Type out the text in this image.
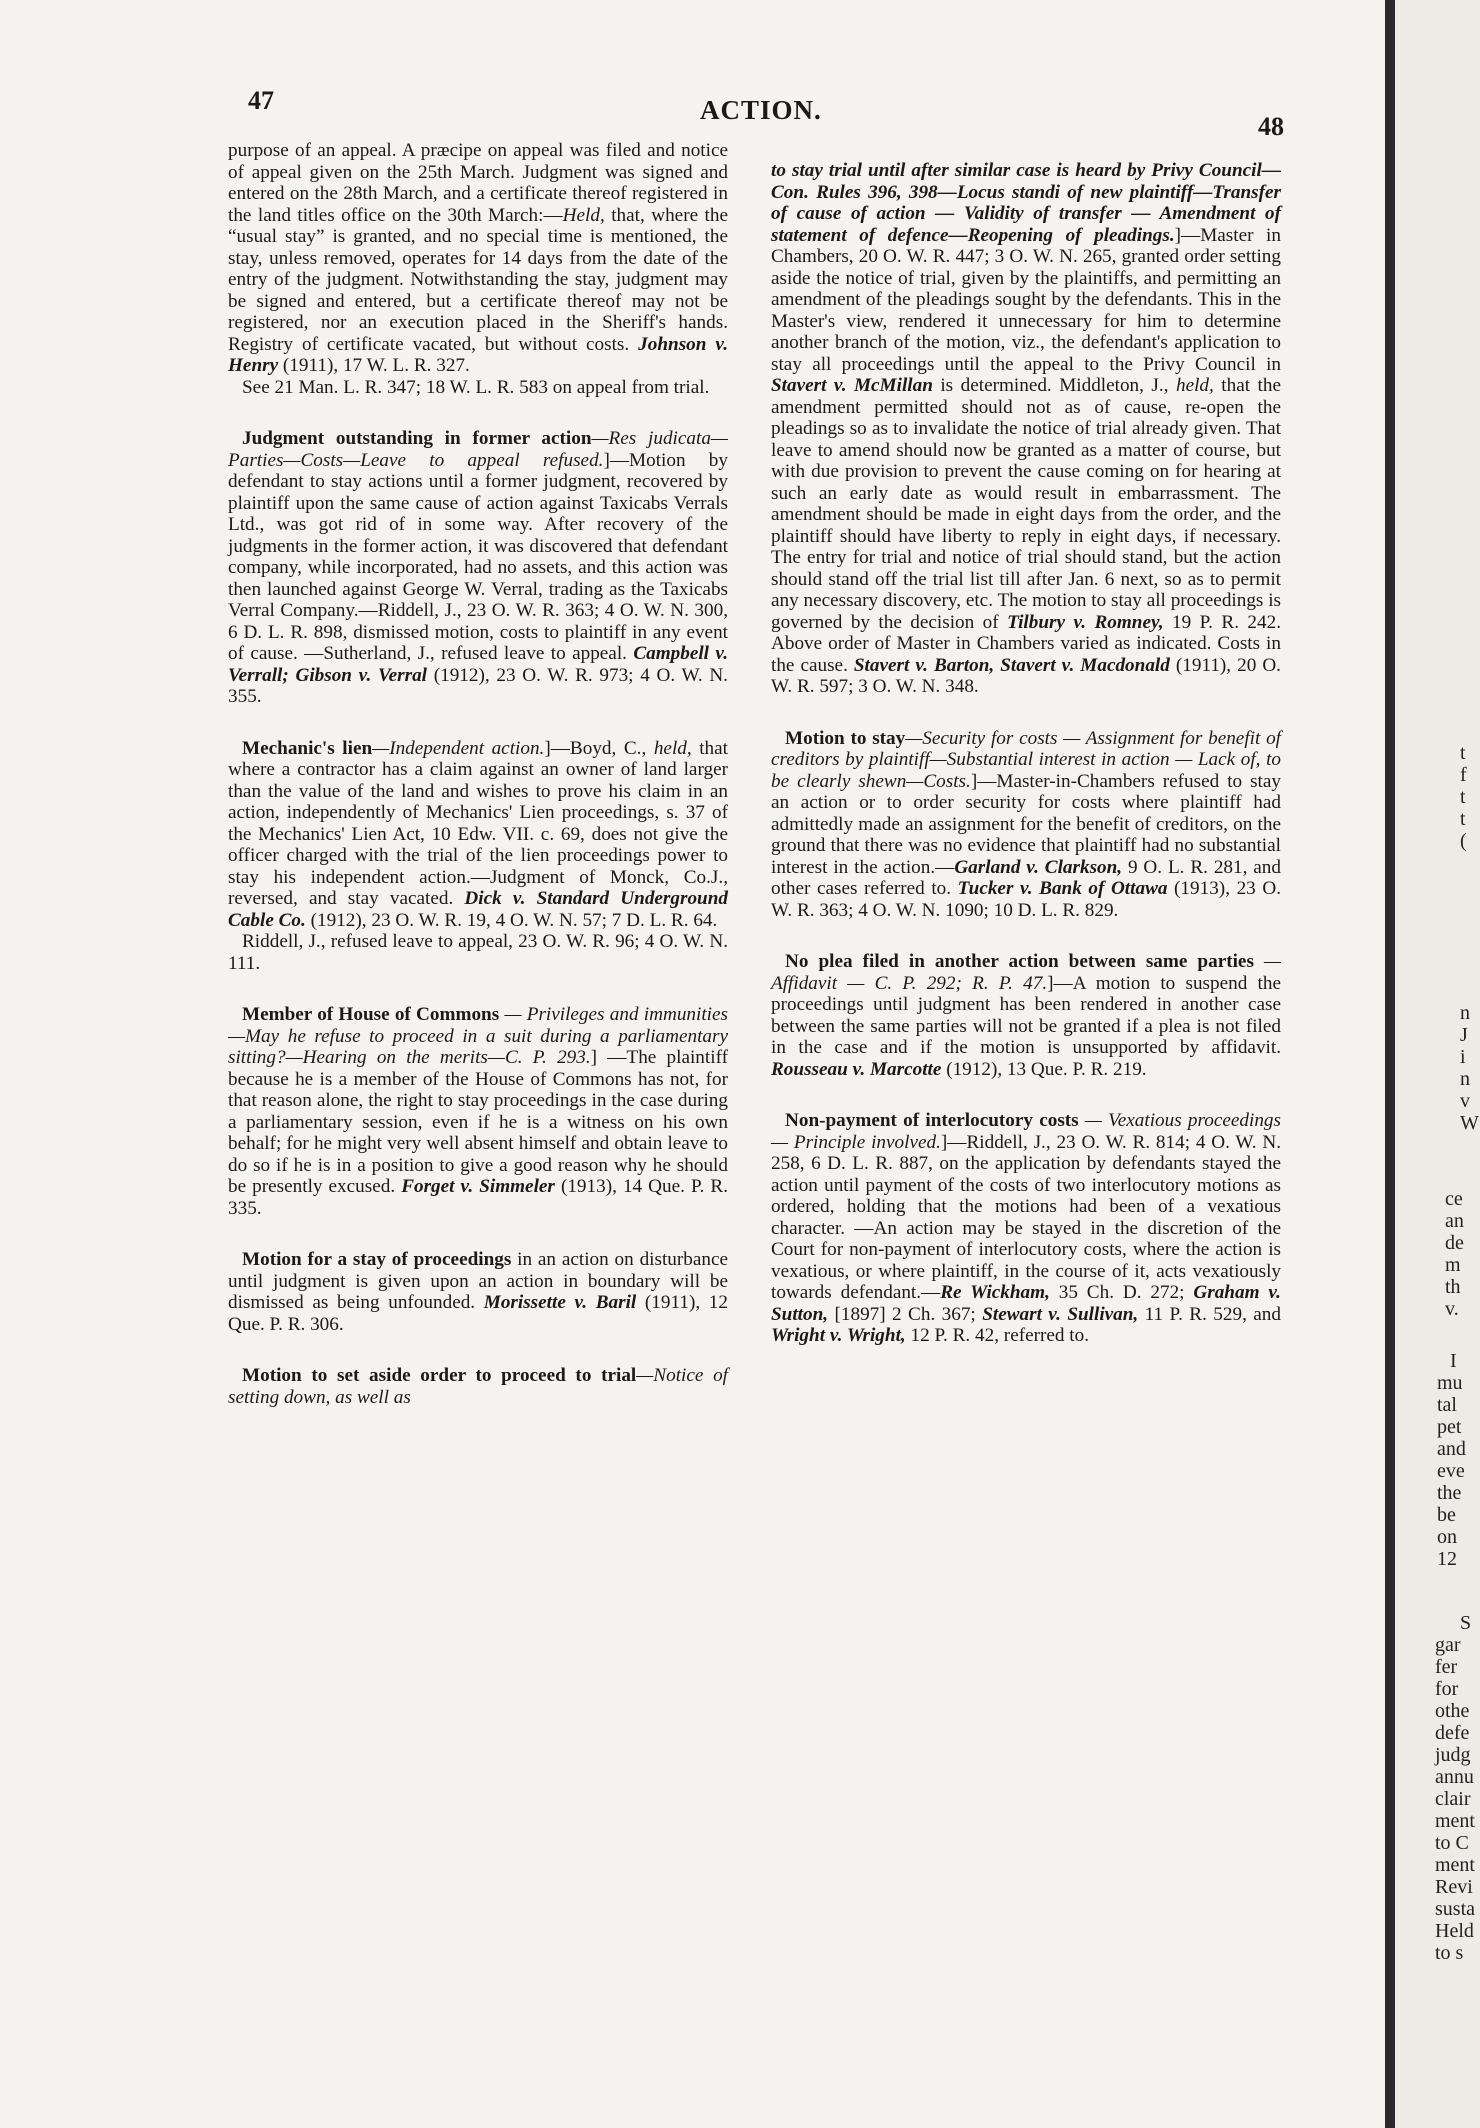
47	ACTION.
48

purpose of an appeal. A præcipe on appeal was filed and notice of appeal given on the 25th March. Judgment was signed and entered on the 28th March, and a certificate thereof registered in the land titles office on the 30th March:—Held, that, where the “usual stay” is granted, and no special time is mentioned, the stay, unless removed, operates for 14 days from the date of the entry of the judgment. Notwithstanding the stay, judgment may be signed and entered, but a certificate thereof may not be registered, nor an execution placed in the Sheriff's hands. Registry of certificate vacated, but without costs. Johnson v. Henry (1911), 17 W. L. R. 327.

See 21 Man. L. R. 347; 18 W. L. R. 583 on appeal from trial.

Judgment outstanding in former action—Res judicata—Parties—Costs—Leave to appeal refused.]—Motion by defendant to stay actions until a former judgment, recovered by plaintiff upon the same cause of action against Taxicabs Verrals Ltd., was got rid of in some way. After recovery of the judgments in the former action, it was discovered that defendant company, while incorporated, had no assets, and this action was then launched against George W. Verral, trading as the Taxicabs Verral Company.—Riddell, J., 23 O. W. R. 363; 4 O. W. N. 300, 6 D. L. R. 898, dismissed motion, costs to plaintiff in any event of cause. —Sutherland, J., refused leave to appeal. Campbell v. Verrall; Gibson v. Verral (1912), 23 O. W. R. 973; 4 O. W. N. 355.

Mechanic's lien—Independent action.]—Boyd, C., held, that where a contractor has a claim against an owner of land larger than the value of the land and wishes to prove his claim in an action, independently of Mechanics' Lien proceedings, s. 37 of the Mechanics' Lien Act, 10 Edw. VII. c. 69, does not give the officer charged with the trial of the lien proceedings power to stay his independent action.—Judgment of Monck, Co.J., reversed, and stay vacated. Dick v. Standard Underground Cable Co. (1912), 23 O. W. R. 19, 4 O. W. N. 57; 7 D. L. R. 64.

Riddell, J., refused leave to appeal, 23 O. W. R. 96; 4 O. W. N. 111.

Member of House of Commons — Privileges and immunities—May he refuse to proceed in a suit during a parliamentary sitting?—Hearing on the merits—C. P. 293.] —The plaintiff because he is a member of the House of Commons has not, for that reason alone, the right to stay proceedings in the case during a parliamentary session, even if he is a witness on his own behalf; for he might very well absent himself and obtain leave to do so if he is in a position to give a good reason why he should be presently excused. Forget v. Simmeler (1913), 14 Que. P. R. 335.

Motion for a stay of proceedings in an action on disturbance until judgment is given upon an action in boundary will be dismissed as being unfounded. Morissette v. Baril (1911), 12 Que. P. R. 306.

Motion to set aside order to proceed to trial—Notice of setting down, as well as

to stay trial until after similar case is heard by Privy Council—Con. Rules 396, 398—Locus standi of new plaintiff—Transfer of cause of action — Validity of transfer — Amendment of statement of defence—Reopening of pleadings.]—Master in Chambers, 20 O. W. R. 447; 3 O. W. N. 265, granted order setting aside the notice of trial, given by the plaintiffs, and permitting an amendment of the pleadings sought by the defendants. This in the Master's view, rendered it unnecessary for him to determine another branch of the motion, viz., the defendant's application to stay all proceedings until the appeal to the Privy Council in Stavert v. McMillan is determined. Middleton, J., held, that the amendment permitted should not as of cause, re-open the pleadings so as to invalidate the notice of trial already given. That leave to amend should now be granted as a matter of course, but with due provision to prevent the cause coming on for hearing at such an early date as would result in embarrassment. The amendment should be made in eight days from the order, and the plaintiff should have liberty to reply in eight days, if necessary. The entry for trial and notice of trial should stand, but the action should stand off the trial list till after Jan. 6 next, so as to permit any necessary discovery, etc. The motion to stay all proceedings is governed by the decision of Tilbury v. Romney, 19 P. R. 242. Above order of Master in Chambers varied as indicated. Costs in the cause. Stavert v. Barton, Stavert v. Macdonald (1911), 20 O. W. R. 597; 3 O. W. N. 348.

Motion to stay—Security for costs — Assignment for benefit of creditors by plaintiff—Substantial interest in action — Lack of, to be clearly shewn—Costs.]—Master-in-Chambers refused to stay an action or to order security for costs where plaintiff had admittedly made an assignment for the benefit of creditors, on the ground that there was no evidence that plaintiff had no substantial interest in the action.—Garland v. Clarkson, 9 O. L. R. 281, and other cases referred to. Tucker v. Bank of Ottawa (1913), 23 O. W. R. 363; 4 O. W. N. 1090; 10 D. L. R. 829.

No plea filed in another action between same parties — Affidavit — C. P. 292; R. P. 47.]—A motion to suspend the proceedings until judgment has been rendered in another case between the same parties will not be granted if a plea is not filed in the case and if the motion is unsupported by affidavit. Rousseau v. Marcotte (1912), 13 Que. P. R. 219.

Non-payment of interlocutory costs — Vexatious proceedings — Principle involved.]—Riddell, J., 23 O. W. R. 814; 4 O. W. N. 258, 6 D. L. R. 887, on the application by defendants stayed the action until payment of the costs of two interlocutory motions as ordered, holding that the motions had been of a vexatious character. —An action may be stayed in the discretion of the Court for non-payment of interlocutory costs, where the action is vexatious, or where plaintiff, in the course of it, acts vexatiously towards defendant.—Re Wickham, 35 Ch. D. 272; Graham v. Sutton, [1897] 2 Ch. 367; Stewart v. Sullivan, 11 P. R. 529, and Wright v. Wright, 12 P. R. 42, referred to.

t
f
t
t
(
n
J
i
n
v
W
ce
an
de
m
th
v.
I
mu
tal
pet
and
eve
the
be
on
12
S
gar
fer
for
othe
defe
judg
annu
clair
ment
to C
ment
Revi
susta
Held
to s
